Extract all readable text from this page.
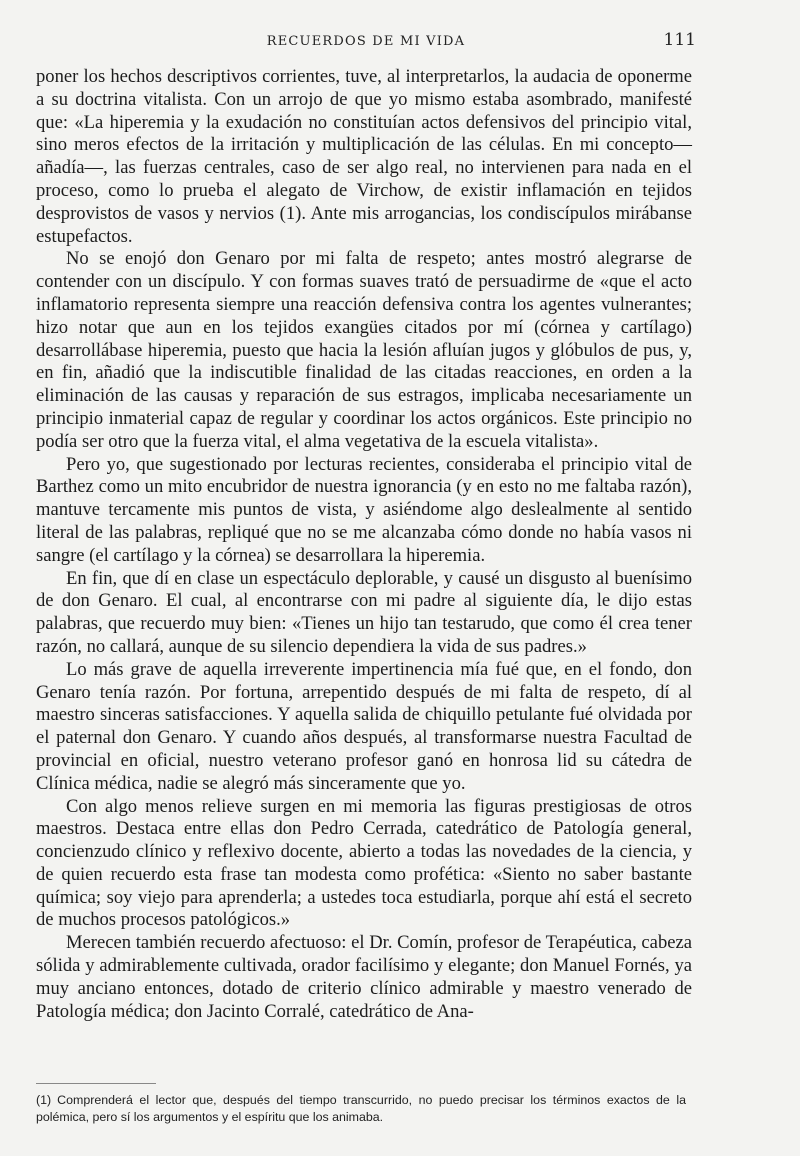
RECUERDOS DE MI VIDA	111

poner los hechos descriptivos corrientes, tuve, al interpretarlos, la audacia de oponerme a su doctrina vitalista. Con un arrojo de que yo mismo estaba asombrado, manifesté que: «La hiperemia y la exudación no constituían actos defensivos del principio vital, sino meros efectos de la irritación y multiplicación de las células. En mi concepto—añadía—, las fuerzas centrales, caso de ser algo real, no intervienen para nada en el proceso, como lo prueba el alegato de Virchow, de existir inflamación en tejidos desprovistos de vasos y nervios (1). Ante mis arrogancias, los condiscípulos mirábanse estupefactos.

No se enojó don Genaro por mi falta de respeto; antes mostró alegrarse de contender con un discípulo. Y con formas suaves trató de persuadirme de «que el acto inflamatorio representa siempre una reacción defensiva contra los agentes vulnerantes; hizo notar que aun en los tejidos exangües citados por mí (córnea y cartílago) desarrollábase hiperemia, puesto que hacia la lesión afluían jugos y glóbulos de pus, y, en fin, añadió que la indiscutible finalidad de las citadas reacciones, en orden a la eliminación de las causas y reparación de sus estragos, implicaba necesariamente un principio inmaterial capaz de regular y coordinar los actos orgánicos. Este principio no podía ser otro que la fuerza vital, el alma vegetativa de la escuela vitalista».

Pero yo, que sugestionado por lecturas recientes, consideraba el principio vital de Barthez como un mito encubridor de nuestra ignorancia (y en esto no me faltaba razón), mantuve tercamente mis puntos de vista, y asiéndome algo deslealmente al sentido literal de las palabras, repliqué que no se me alcanzaba cómo donde no había vasos ni sangre (el cartílago y la córnea) se desarrollara la hiperemia.

En fin, que dí en clase un espectáculo deplorable, y causé un disgusto al buenísimo de don Genaro. El cual, al encontrarse con mi padre al siguiente día, le dijo estas palabras, que recuerdo muy bien: «Tienes un hijo tan testarudo, que como él crea tener razón, no callará, aunque de su silencio dependiera la vida de sus padres.»

Lo más grave de aquella irreverente impertinencia mía fué que, en el fondo, don Genaro tenía razón. Por fortuna, arrepentido después de mi falta de respeto, dí al maestro sinceras satisfacciones. Y aquella salida de chiquillo petulante fué olvidada por el paternal don Genaro. Y cuando años después, al transformarse nuestra Facultad de provincial en oficial, nuestro veterano profesor ganó en honrosa lid su cátedra de Clínica médica, nadie se alegró más sinceramente que yo.

Con algo menos relieve surgen en mi memoria las figuras prestigiosas de otros maestros. Destaca entre ellas don Pedro Cerrada, catedrático de Patología general, concienzudo clínico y reflexivo docente, abierto a todas las novedades de la ciencia, y de quien recuerdo esta frase tan modesta como profética: «Siento no saber bastante química; soy viejo para aprenderla; a ustedes toca estudiarla, porque ahí está el secreto de muchos procesos patológicos.»

Merecen también recuerdo afectuoso: el Dr. Comín, profesor de Terapéutica, cabeza sólida y admirablemente cultivada, orador facilísimo y elegante; don Manuel Fornés, ya muy anciano entonces, dotado de criterio clínico admirable y maestro venerado de Patología médica; don Jacinto Corralé, catedrático de Ana-

(1) Comprenderá el lector que, después del tiempo transcurrido, no puedo precisar los términos exactos de la polémica, pero sí los argumentos y el espíritu que los animaba.
